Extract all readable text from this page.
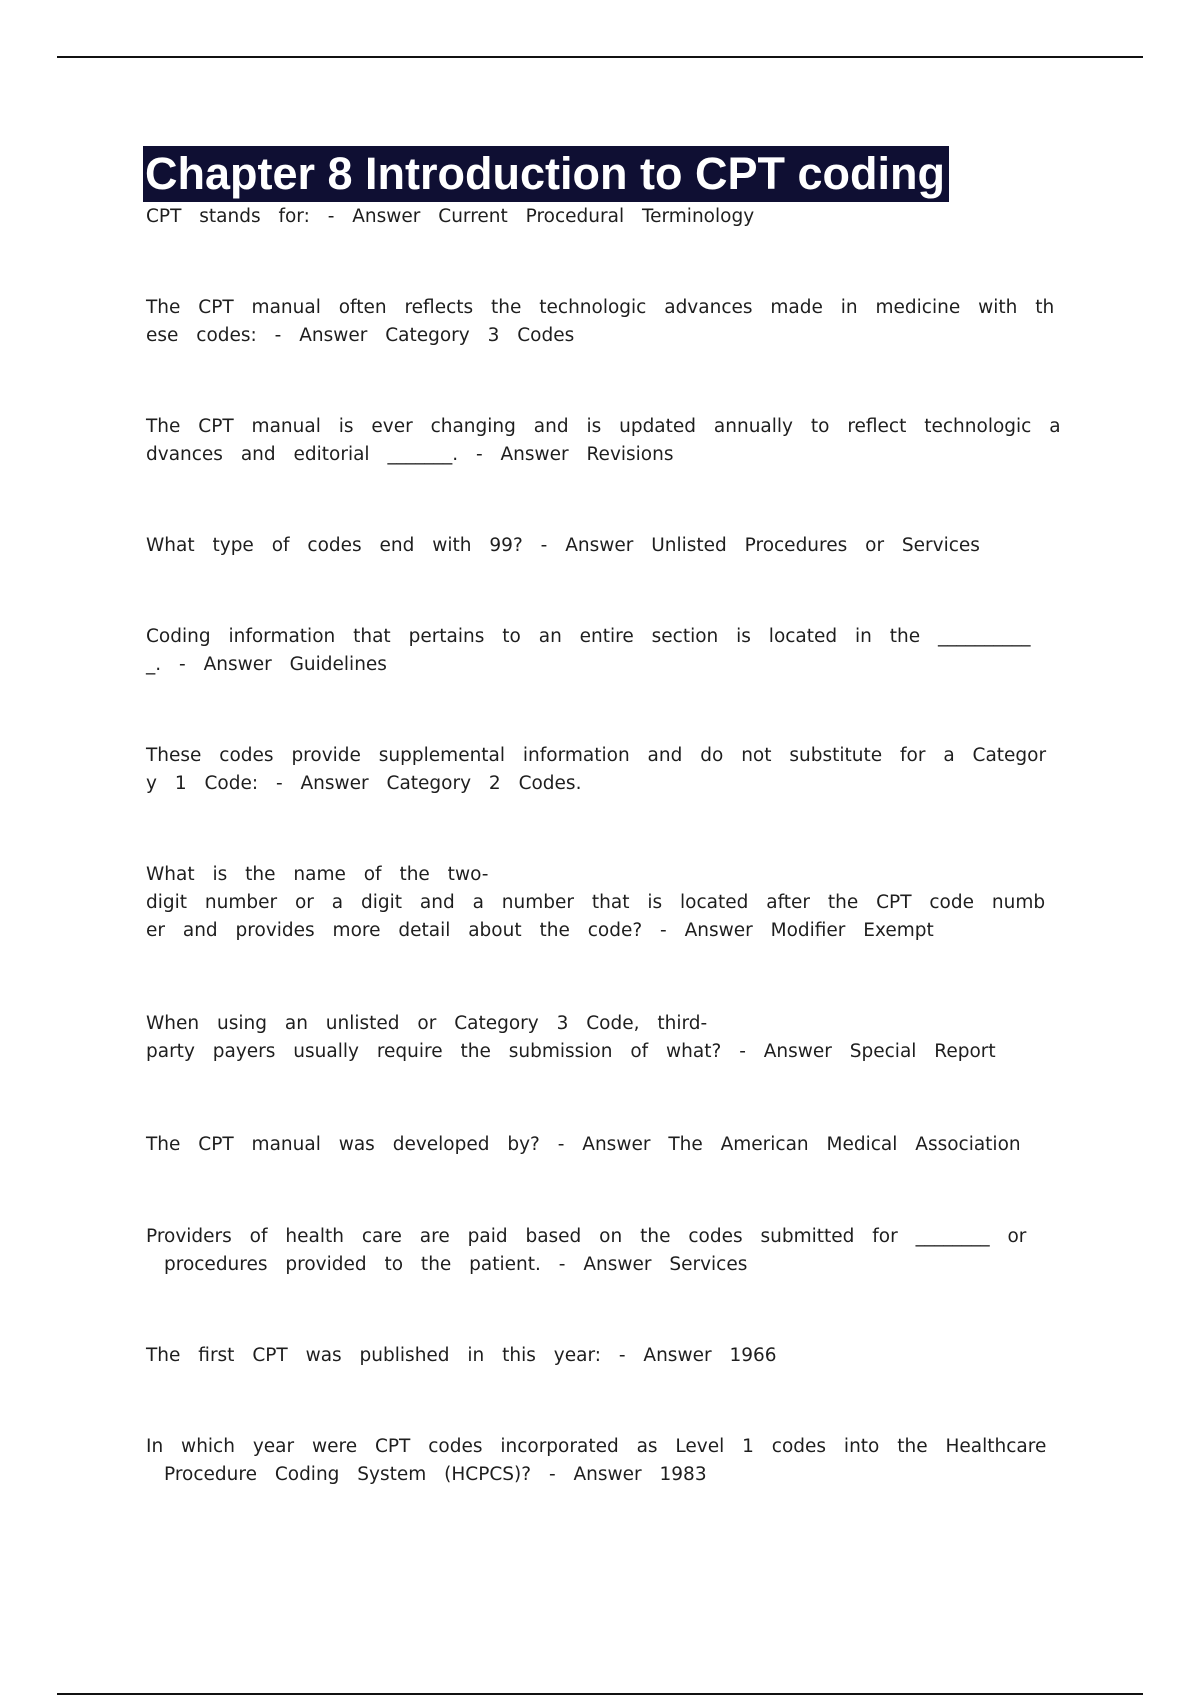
Chapter 8 Introduction to CPT coding
CPT stands for: - Answer Current Procedural Terminology
The CPT manual often reflects the technologic advances made in medicine with th
ese codes: - Answer Category 3 Codes
The CPT manual is ever changing and is updated annually to reflect technologic a
dvances and editorial _______. - Answer Revisions
What type of codes end with 99? - Answer Unlisted Procedures or Services
Coding information that pertains to an entire section is located in the __________
_. - Answer Guidelines
These codes provide supplemental information and do not substitute for a Categor
y 1 Code: - Answer Category 2 Codes.
What is the name of the two-
digit number or a digit and a number that is located after the CPT code numb
er and provides more detail about the code? - Answer Modifier Exempt
When using an unlisted or Category 3 Code, third-
party payers usually require the submission of what? - Answer Special Report
The CPT manual was developed by? - Answer The American Medical Association
Providers of health care are paid based on the codes submitted for ________ or
procedures provided to the patient. - Answer Services
The first CPT was published in this year: - Answer 1966
In which year were CPT codes incorporated as Level 1 codes into the Healthcare
Procedure Coding System (HCPCS)? - Answer 1983
